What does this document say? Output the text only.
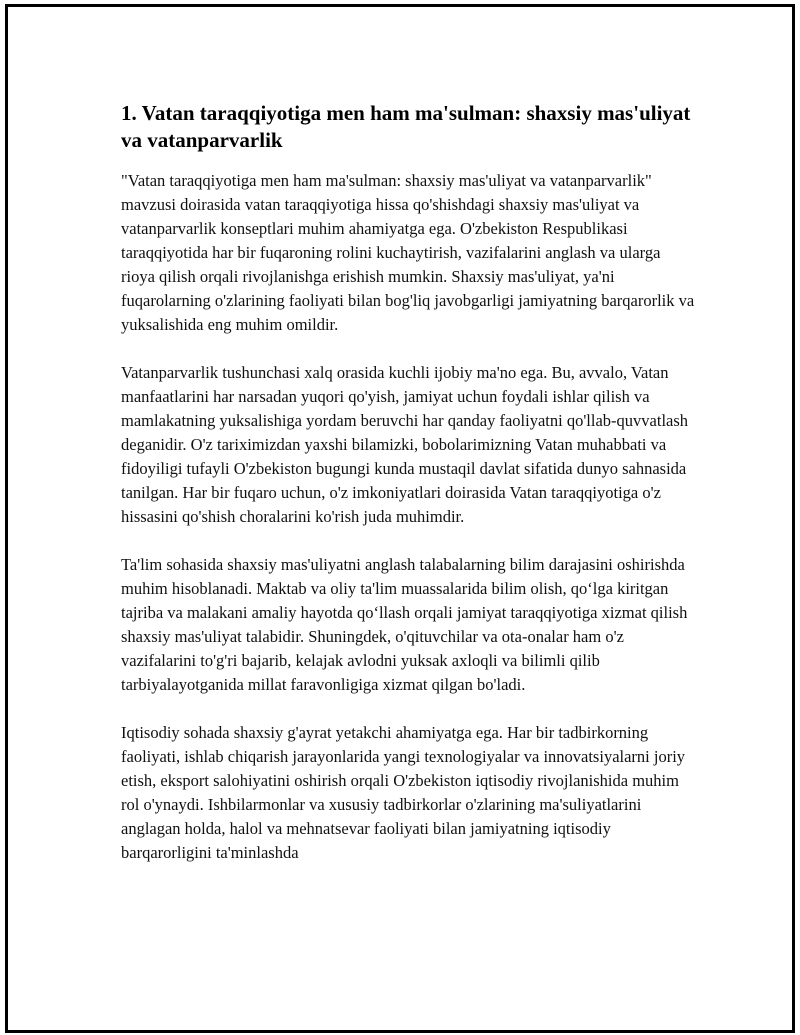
1. Vatan taraqqiyotiga men ham ma'sulman: shaxsiy mas'uliyat va vatanparvarlik

"Vatan taraqqiyotiga men ham ma'sulman: shaxsiy mas'uliyat va vatanparvarlik" mavzusi doirasida vatan taraqqiyotiga hissa qo'shishdagi shaxsiy mas'uliyat va vatanparvarlik konseptlari muhim ahamiyatga ega. O'zbekiston Respublikasi taraqqiyotida har bir fuqaroning rolini kuchaytirish, vazifalarini anglash va ularga rioya qilish orqali rivojlanishga erishish mumkin. Shaxsiy mas'uliyat, ya'ni fuqarolarning o'zlarining faoliyati bilan bog'liq javobgarligi jamiyatning barqarorlik va yuksalishida eng muhim omildir.

Vatanparvarlik tushunchasi xalq orasida kuchli ijobiy ma'no ega. Bu, avvalo, Vatan manfaatlarini har narsadan yuqori qo'yish, jamiyat uchun foydali ishlar qilish va mamlakatning yuksalishiga yordam beruvchi har qanday faoliyatni qo'llab-quvvatlash deganidir. O'z tariximizdan yaxshi bilamizki, bobolarimizning Vatan muhabbati va fidoyiligi tufayli O'zbekiston bugungi kunda mustaqil davlat sifatida dunyo sahnasida tanilgan. Har bir fuqaro uchun, o'z imkoniyatlari doirasida Vatan taraqqiyotiga o'z hissasini qo'shish choralarini ko'rish juda muhimdir.

Ta'lim sohasida shaxsiy mas'uliyatni anglash talabalarning bilim darajasini oshirishda muhim hisoblanadi. Maktab va oliy ta'lim muassalarida bilim olish, qo‘lga kiritgan tajriba va malakani amaliy hayotda qo‘llash orqali jamiyat taraqqiyotiga xizmat qilish shaxsiy mas'uliyat talabidir. Shuningdek, o'qituvchilar va ota-onalar ham o'z vazifalarini to'g'ri bajarib, kelajak avlodni yuksak axloqli va bilimli qilib tarbiyalayotganida millat faravonligiga xizmat qilgan bo'ladi.

Iqtisodiy sohada shaxsiy g'ayrat yetakchi ahamiyatga ega. Har bir tadbirkorning faoliyati, ishlab chiqarish jarayonlarida yangi texnologiyalar va innovatsiyalarni joriy etish, eksport salohiyatini oshirish orqali O'zbekiston iqtisodiy rivojlanishida muhim rol o'ynaydi. Ishbilarmonlar va xususiy tadbirkorlar o'zlarining ma'suliyatlarini anglagan holda, halol va mehnatsevar faoliyati bilan jamiyatning iqtisodiy barqarorligini ta'minlashda
